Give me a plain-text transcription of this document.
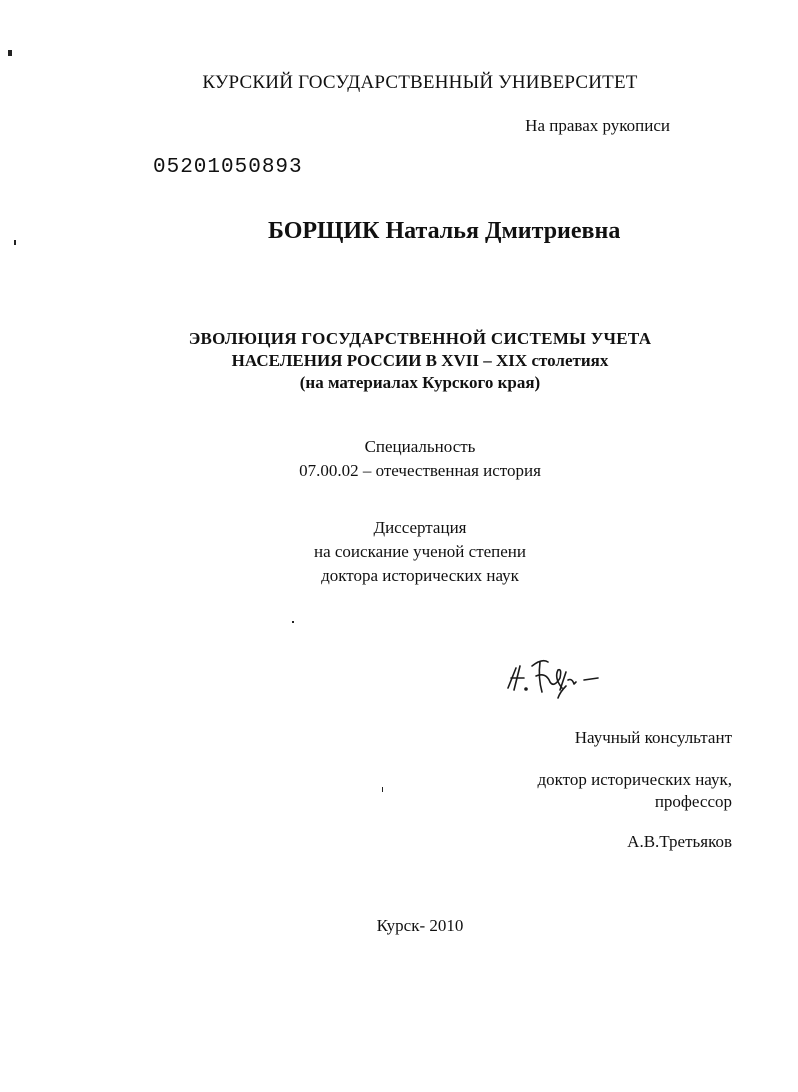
КУРСКИЙ ГОСУДАРСТВЕННЫЙ УНИВЕРСИТЕТ
На правах рукописи
05201050893
БОРЩИК Наталья Дмитриевна
ЭВОЛЮЦИЯ ГОСУДАРСТВЕННОЙ СИСТЕМЫ УЧЕТА
НАСЕЛЕНИЯ РОССИИ В XVII – XIX столетиях
(на материалах Курского края)
Специальность
07.00.02 – отечественная история
Диссертация
на соискание ученой степени
доктора исторических наук
Научный консультант
доктор исторических наук,
профессор
А.В.Третьяков
Курск- 2010
